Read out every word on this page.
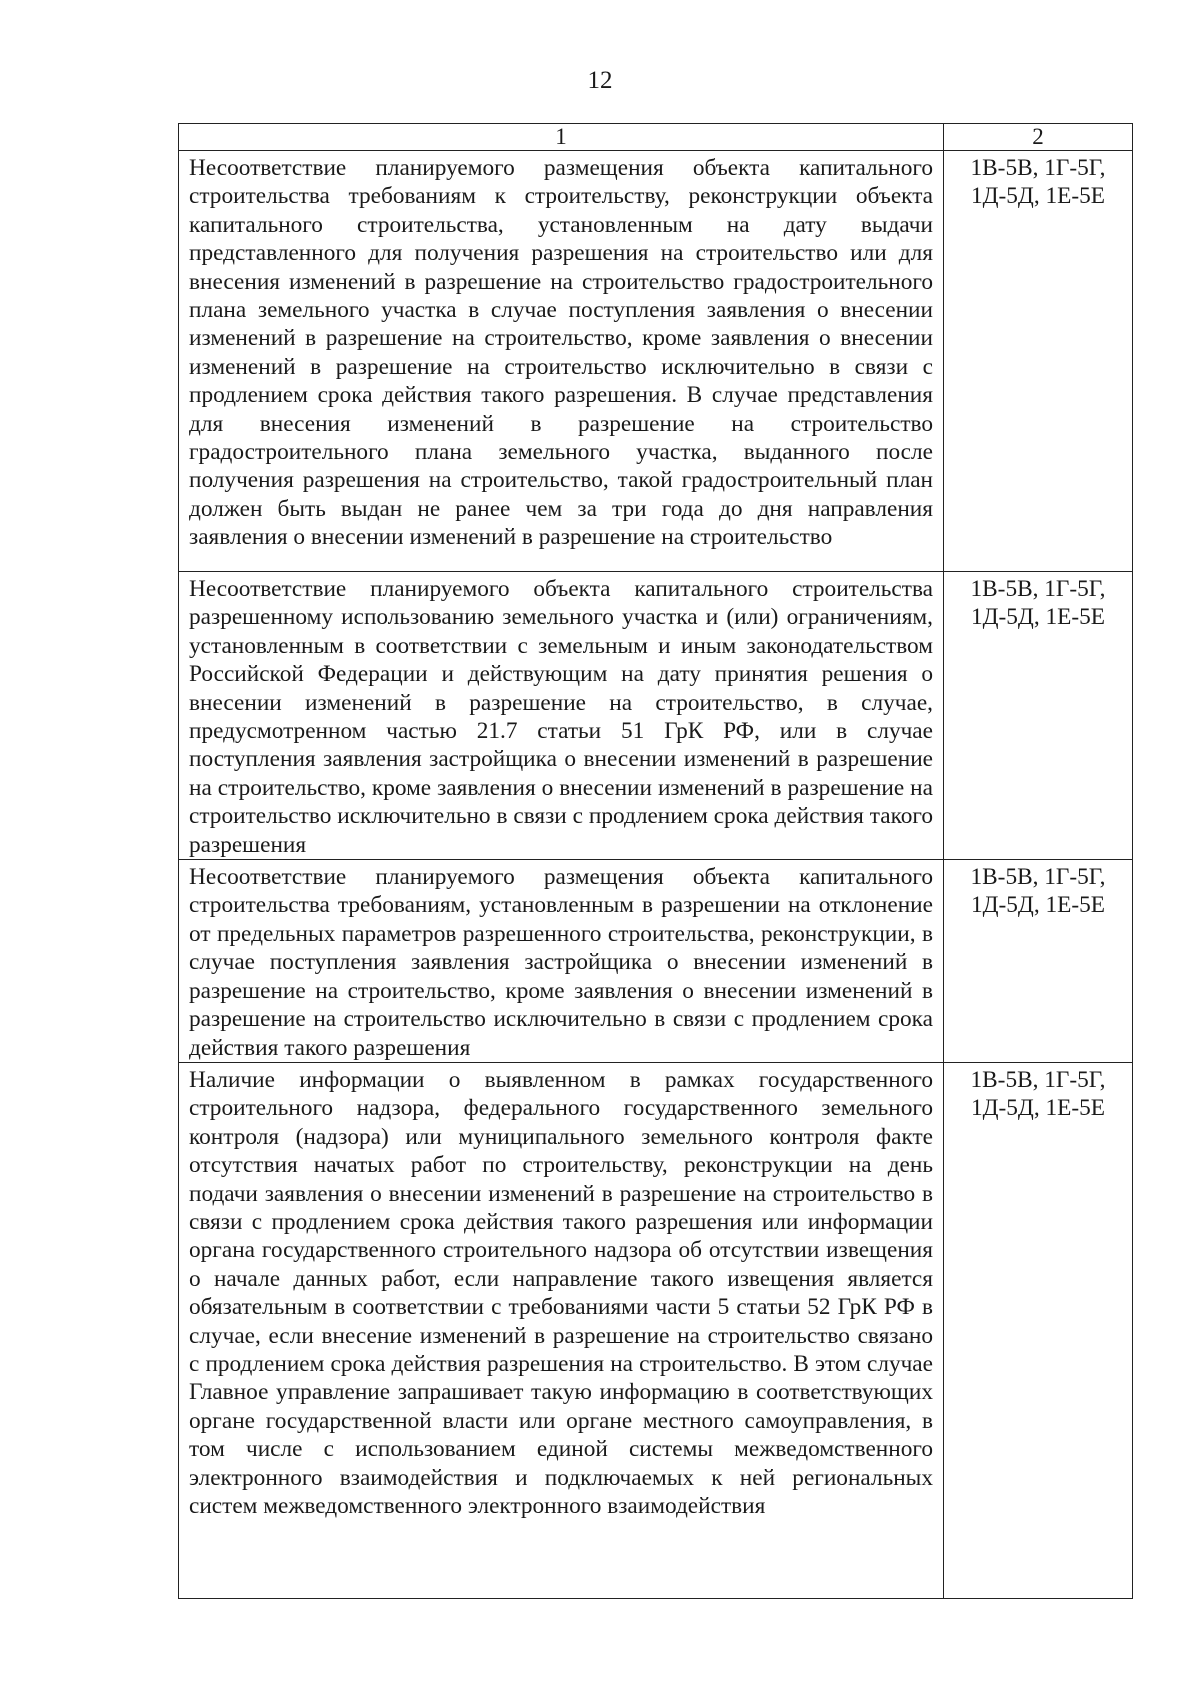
12
1	2
Несоответствие планируемого размещения объекта капитального строительства требованиям к строительству, реконструкции объекта капитального строительства, установленным на дату выдачи представленного для получения разрешения на строительство или для внесения изменений в разрешение на строительство градостроительного плана земельного участка в случае поступления заявления о внесении изменений в разрешение на строительство, кроме заявления о внесении изменений в разрешение на строительство исключительно в связи с продлением срока действия такого разрешения. В случае представления для внесения изменений в разрешение на строительство градостроительного плана земельного участка, выданного после получения разрешения на строительство, такой градостроительный план должен быть выдан не ранее чем за три года до дня направления заявления о внесении изменений в разрешение на строительство	1В-5В, 1Г-5Г, 1Д-5Д, 1Е-5Е
Несоответствие планируемого объекта капитального строительства разрешенному использованию земельного участка и (или) ограничениям, установленным в соответствии с земельным и иным законодательством Российской Федерации и действующим на дату принятия решения о внесении изменений в разрешение на строительство, в случае, предусмотренном частью 21.7 статьи 51 ГрК РФ, или в случае поступления заявления застройщика о внесении изменений в разрешение на строительство, кроме заявления о внесении изменений в разрешение на строительство исключительно в связи с продлением срока действия такого разрешения	1В-5В, 1Г-5Г, 1Д-5Д, 1Е-5Е
Несоответствие планируемого размещения объекта капитального строительства требованиям, установленным в разрешении на отклонение от предельных параметров разрешенного строительства, реконструкции, в случае поступления заявления застройщика о внесении изменений в разрешение на строительство, кроме заявления о внесении изменений в разрешение на строительство исключительно в связи с продлением срока действия такого разрешения	1В-5В, 1Г-5Г, 1Д-5Д, 1Е-5Е
Наличие информации о выявленном в рамках государственного строительного надзора, федерального государственного земельного контроля (надзора) или муниципального земельного контроля факте отсутствия начатых работ по строительству, реконструкции на день подачи заявления о внесении изменений в разрешение на строительство в связи с продлением срока действия такого разрешения или информации органа государственного строительного надзора об отсутствии извещения о начале данных работ, если направление такого извещения является обязательным в соответствии с требованиями части 5 статьи 52 ГрК РФ в случае, если внесение изменений в разрешение на строительство связано с продлением срока действия разрешения на строительство. В этом случае Главное управление запрашивает такую информацию в соответствующих органе государственной власти или органе местного самоуправления, в том числе с использованием единой системы межведомственного электронного взаимодействия и подключаемых к ней региональных систем межведомственного электронного взаимодействия	1В-5В, 1Г-5Г, 1Д-5Д, 1Е-5Е
